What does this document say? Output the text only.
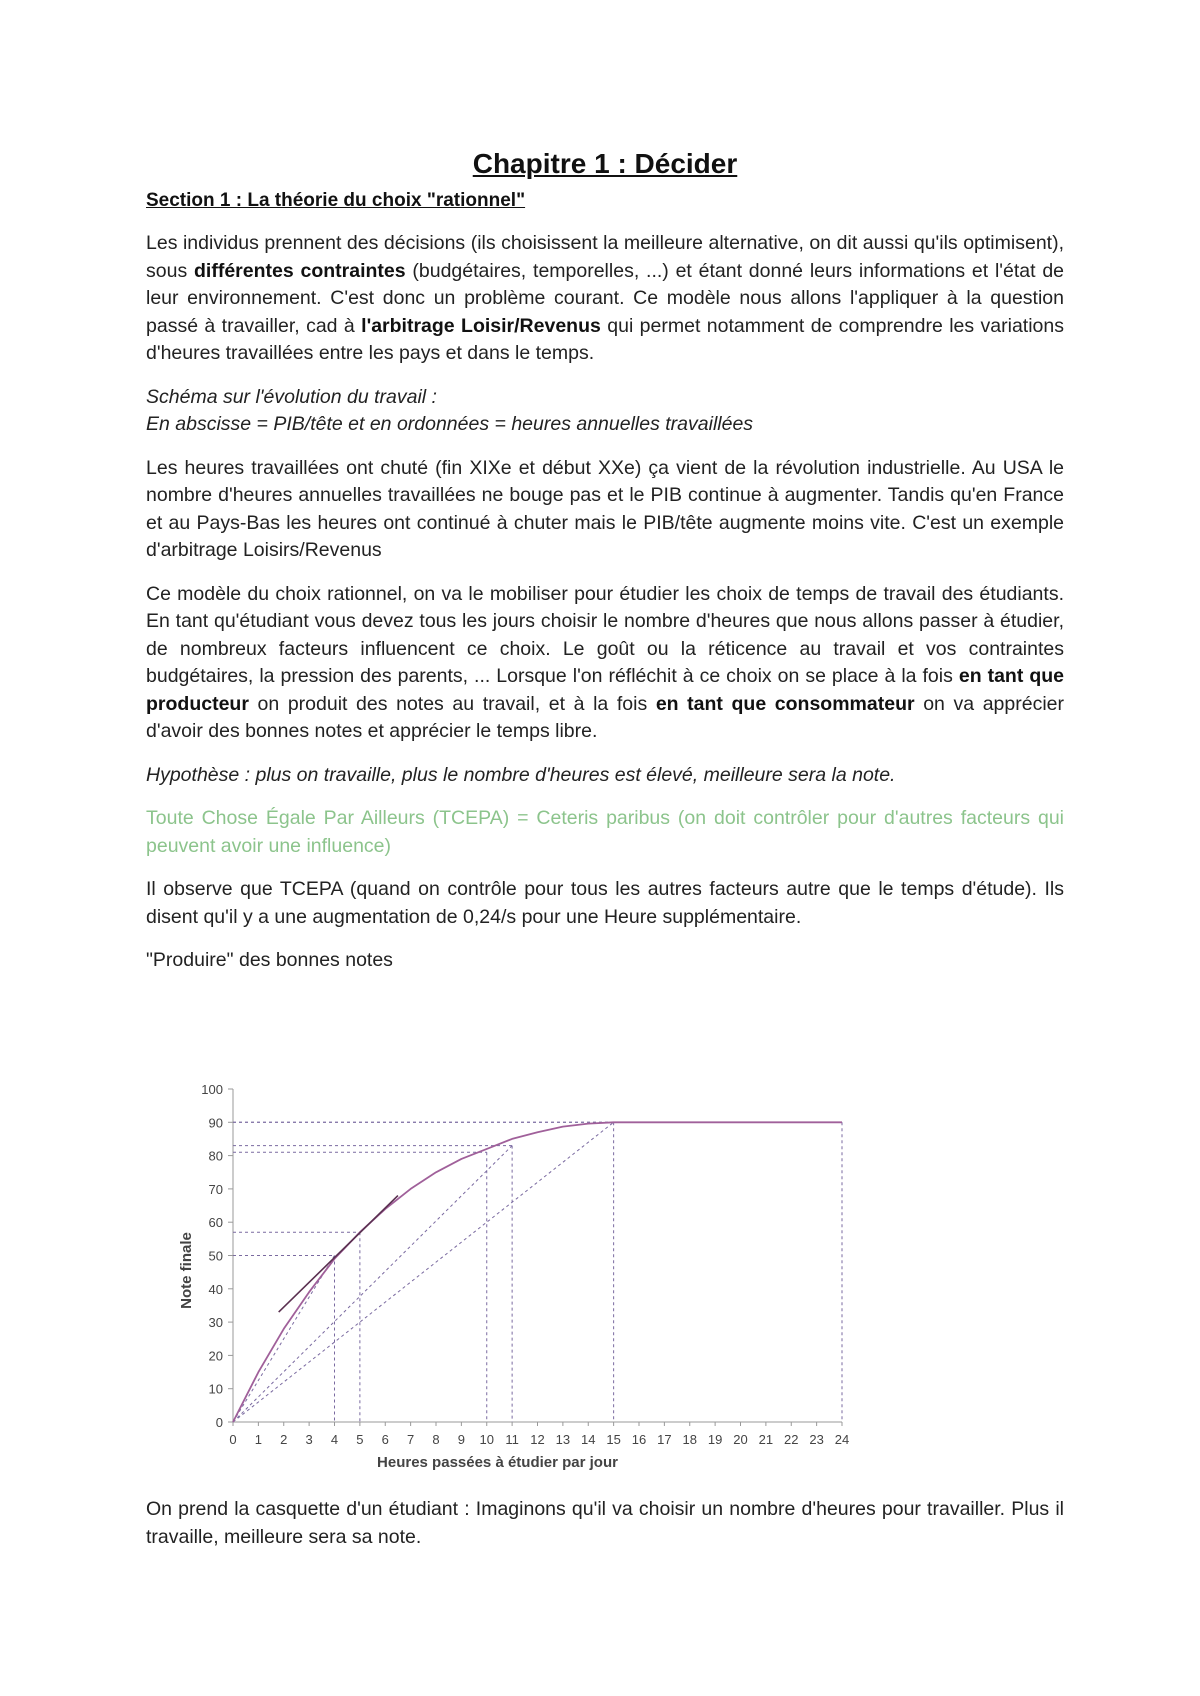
Chapitre 1 : Décider
Section 1 : La théorie du choix "rationnel"

Les individus prennent des décisions (ils choisissent la meilleure alternative, on dit aussi qu'ils optimisent), sous différentes contraintes (budgétaires, temporelles, ...) et étant donné leurs informations et l'état de leur environnement. C'est donc un problème courant. Ce modèle nous allons l'appliquer à la question passé à travailler, cad à l'arbitrage Loisir/Revenus qui permet notamment de comprendre les variations d'heures travaillées entre les pays et dans le temps.

Schéma sur l'évolution du travail :
En abscisse = PIB/tête et en ordonnées = heures annuelles travaillées

Les heures travaillées ont chuté (fin XIXe et début XXe) ça vient de la révolution industrielle. Au USA le nombre d'heures annuelles travaillées ne bouge pas et le PIB continue à augmenter. Tandis qu'en France et au Pays-Bas les heures ont continué à chuter mais le PIB/tête augmente moins vite. C'est un exemple d'arbitrage Loisirs/Revenus

Ce modèle du choix rationnel, on va le mobiliser pour étudier les choix de temps de travail des étudiants. En tant qu'étudiant vous devez tous les jours choisir le nombre d'heures que nous allons passer à étudier, de nombreux facteurs influencent ce choix. Le goût ou la réticence au travail et vos contraintes budgétaires, la pression des parents, ... Lorsque l'on réfléchit à ce choix on se place à la fois en tant que producteur on produit des notes au travail, et à la fois en tant que consommateur on va apprécier d'avoir des bonnes notes et apprécier le temps libre.

Hypothèse : plus on travaille, plus le nombre d'heures est élevé, meilleure sera la note.

Toute Chose Égale Par Ailleurs (TCEPA) = Ceteris paribus (on doit contrôler pour d'autres facteurs qui peuvent avoir une influence)

Il observe que TCEPA (quand on contrôle pour tous les autres facteurs autre que le temps d'étude). Ils disent qu'il y a une augmentation de 0,24/s pour une Heure supplémentaire.

"Produire" des bonnes notes

0
10
20
30
40
50
60
70
80
90
100
0 1 2 3 4 5 6 7 8 9 10 11 12 13 14 15 16 17 18 19 20 21 22 23 24
Heures passées à étudier par jour
Note finale

On prend la casquette d'un étudiant : Imaginons qu'il va choisir un nombre d'heures pour travailler. Plus il travaille, meilleure sera sa note.
